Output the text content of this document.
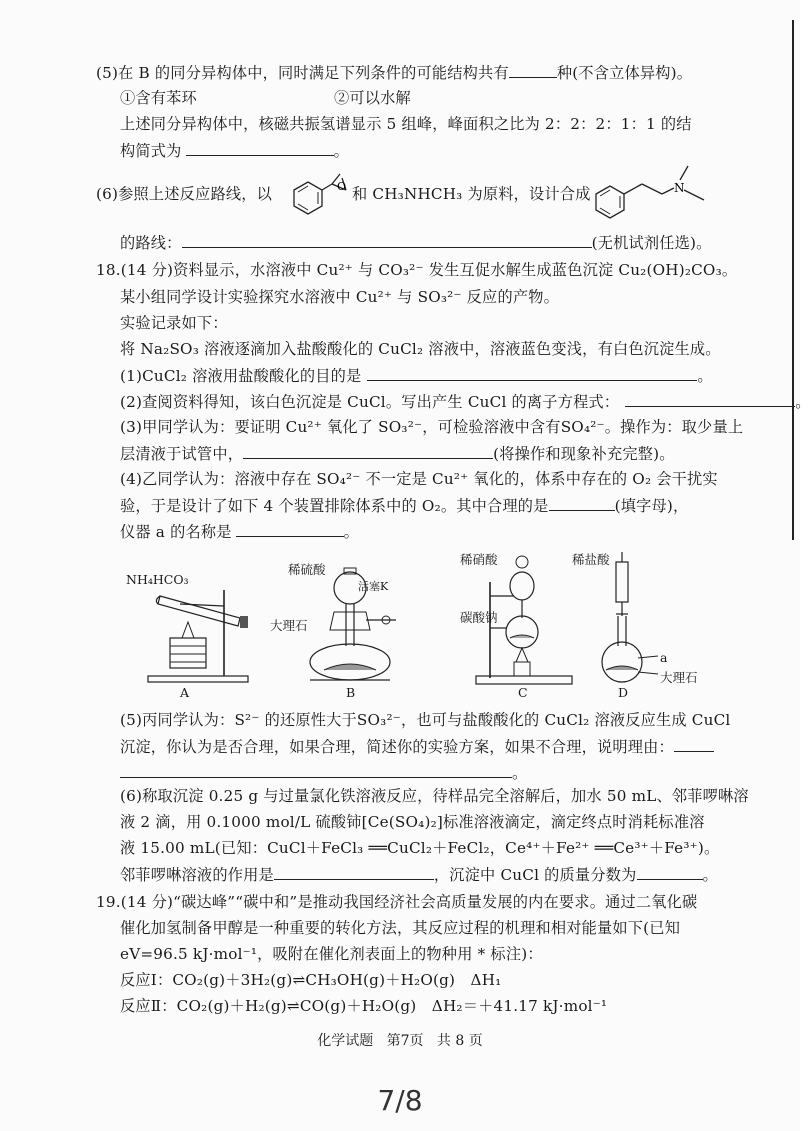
(5)在 B 的同分异构体中，同时满足下列条件的可能结构共有	种(不含立体异构)。
①含有苯环	②可以水解
上述同分异构体中，核磁共振氢谱显示 5 组峰，峰面积之比为 2：2：2：1：1 的结
构简式为	。
(6)参照上述反应路线，以	O 和 CH₃NHCH₃ 为原料，设计合成	N
的路线：	(无机试剂任选)。
18.(14 分)资料显示，水溶液中 Cu²⁺ 与 CO₃²⁻ 发生互促水解生成蓝色沉淀 Cu₂(OH)₂CO₃。
某小组同学设计实验探究水溶液中 Cu²⁺ 与 SO₃²⁻ 反应的产物。
实验记录如下：
将 Na₂SO₃ 溶液逐滴加入盐酸酸化的 CuCl₂ 溶液中，溶液蓝色变浅，有白色沉淀生成。
(1)CuCl₂ 溶液用盐酸酸化的目的是	。
(2)查阅资料得知，该白色沉淀是 CuCl。写出产生 CuCl 的离子方程式：	。
(3)甲同学认为：要证明 Cu²⁺ 氧化了 SO₃²⁻，可检验溶液中含有SO₄²⁻。操作为：取少量上
层清液于试管中，	(将操作和现象补充完整)。
(4)乙同学认为：溶液中存在 SO₄²⁻ 不一定是 Cu²⁺ 氧化的，体系中存在的 O₂ 会干扰实
验，于是设计了如下 4 个装置排除体系中的 O₂。其中合理的是	(填字母)，
仪器 a 的名称是	。
NH₄HCO₃
A
稀硫酸
活塞K
大理石
B
稀硝酸
碳酸钠
C
稀盐酸
a
大理石
D
(5)丙同学认为：S²⁻ 的还原性大于SO₃²⁻，也可与盐酸酸化的 CuCl₂ 溶液反应生成 CuCl
沉淀，你认为是否合理，如果合理，简述你的实验方案，如果不合理，说明理由：
。
(6)称取沉淀 0.25 g 与过量氯化铁溶液反应，待样品完全溶解后，加水 50 mL、邻菲啰啉溶
液 2 滴，用 0.1000 mol/L 硫酸铈[Ce(SO₄)₂]标准溶液滴定，滴定终点时消耗标准溶
液 15.00 mL(已知：CuCl＋FeCl₃ ══CuCl₂＋FeCl₂，Ce⁴⁺＋Fe²⁺ ══Ce³⁺＋Fe³⁺)。
邻菲啰啉溶液的作用是	，沉淀中 CuCl 的质量分数为	。
19.(14 分)“碳达峰”“碳中和”是推动我国经济社会高质量发展的内在要求。通过二氧化碳
催化加氢制备甲醇是一种重要的转化方法，其反应过程的机理和相对能量如下(已知
eV=96.5 kJ·mol⁻¹，吸附在催化剂表面上的物种用 * 标注)：
反应Ⅰ：CO₂(g)＋3H₂(g)⇌CH₃OH(g)＋H₂O(g)　ΔH₁
反应Ⅱ：CO₂(g)＋H₂(g)⇌CO(g)＋H₂O(g)　ΔH₂＝＋41.17 kJ·mol⁻¹
化学试题 第7页 共 8 页
7/8
